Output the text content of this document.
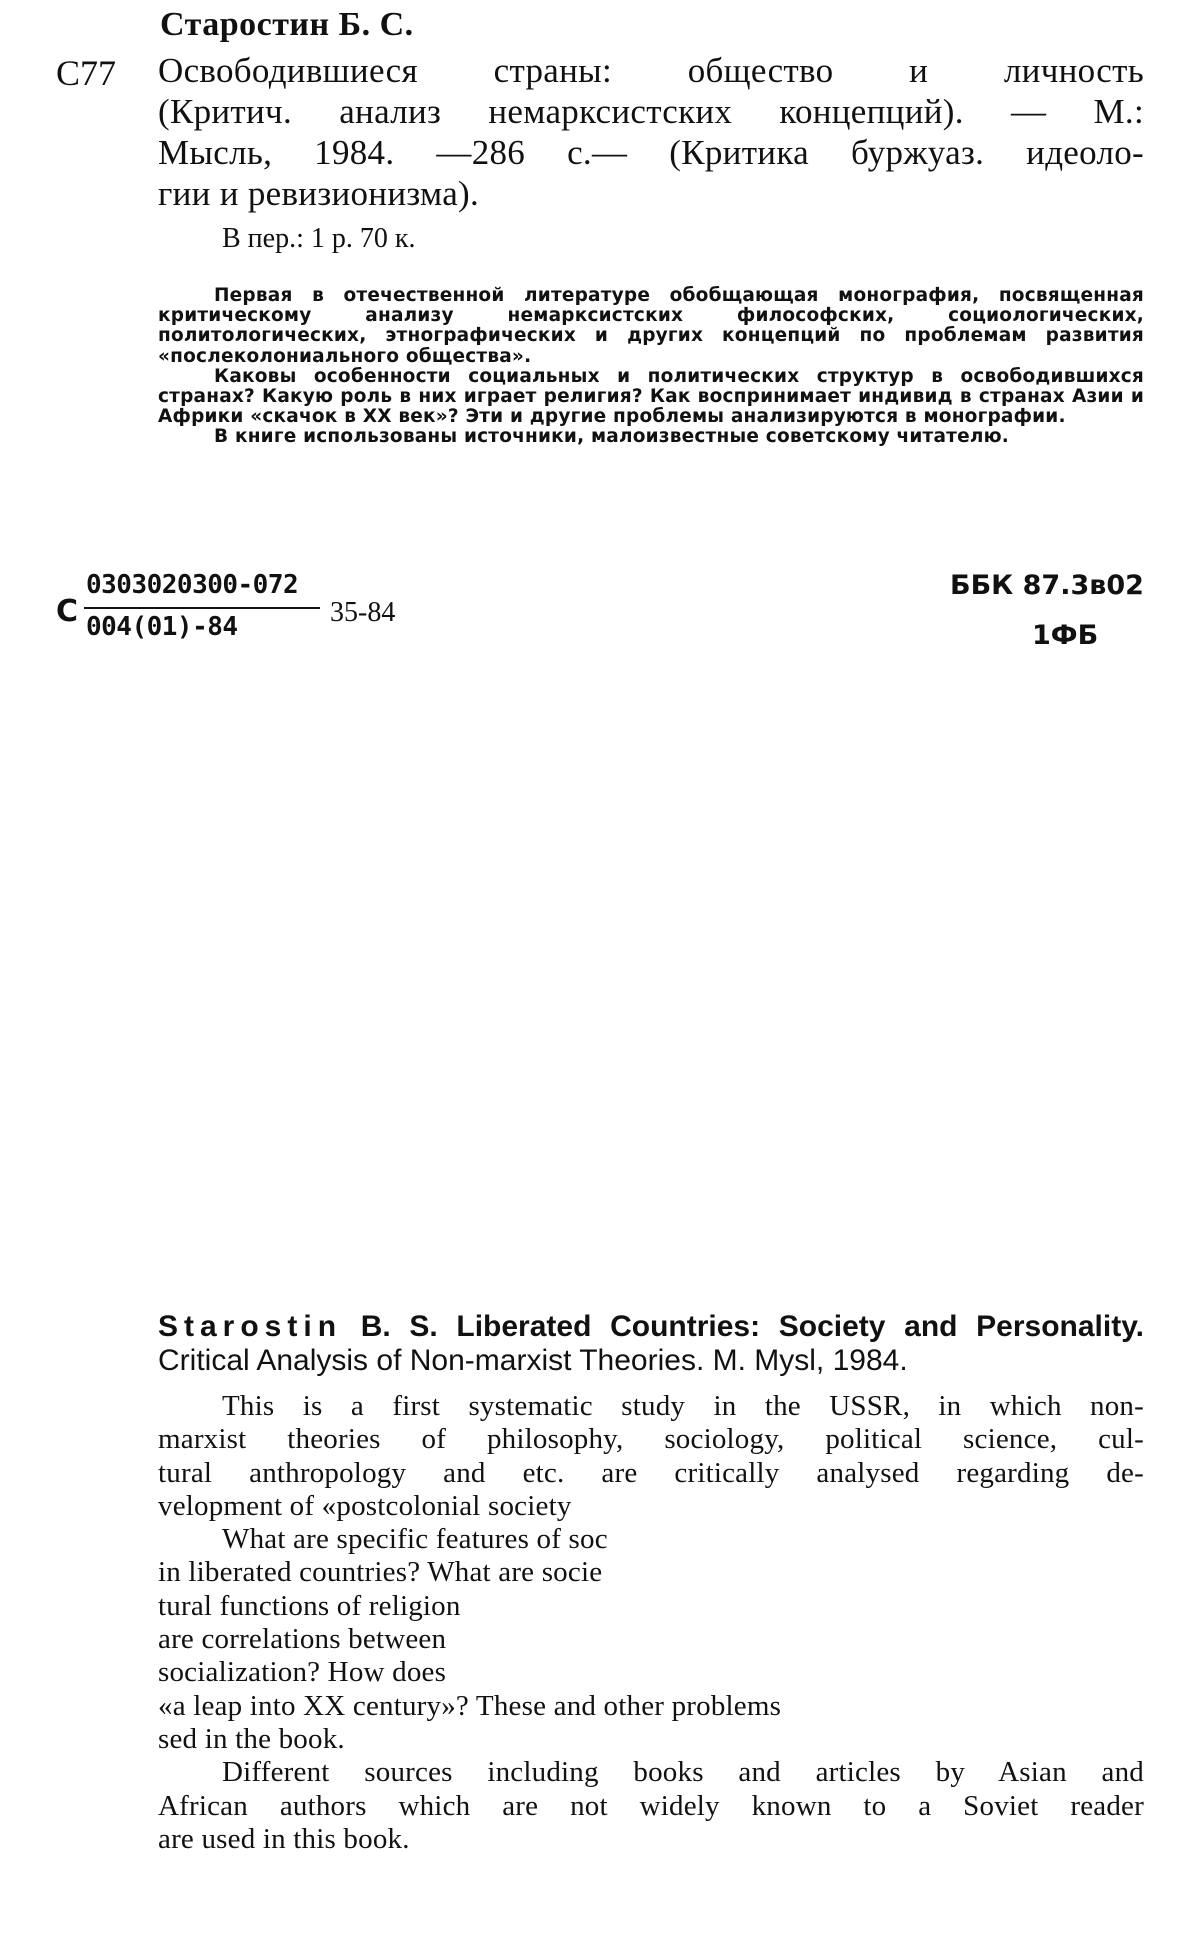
Старостин Б. С.
С77 Освободившиеся страны: общество и личность
(Критич. анализ немарксистских концепций). — М.:
Мысль, 1984. —286 с.— (Критика буржуаз. идеоло-
гии и ревизионизма).
В пер.: 1 р. 70 к.

Первая в отечественной литературе обобщающая монография, посвященная критическому анализу немарксистских философских, социологических, политологических, этнографических и других концепций по проблемам развития «послеколониального общества».

Каковы особенности социальных и политических структур в освободившихся странах? Какую роль в них играет религия? Как воспринимает индивид в странах Азии и Африки «скачок в XX век»? Эти и другие проблемы анализируются в монографии.

В книге использованы источники, малоизвестные советскому читателю.

С
0303020300-072
004(01)-84	35-84
ББК 87.3в02
1ФБ
Starostin B. S. Liberated Countries: Society and Personality.
Critical Analysis of Non-marxist Theories. M. Mysl, 1984.
This is a first systematic study in the USSR, in which non-
marxist theories of philosophy, sociology, political science, cul-
tural anthropology and etc. are critically analysed regarding de-
velopment of «postcolonial society
What are specific features of soc
in liberated countries? What are socie
tural functions of religion
are correlations between
socialization? How does
«a leap into XX century»? These and other problems
sed in the book.
Different sources including books and articles by Asian and
African authors which are not widely known to a Soviet reader
are used in this book.
